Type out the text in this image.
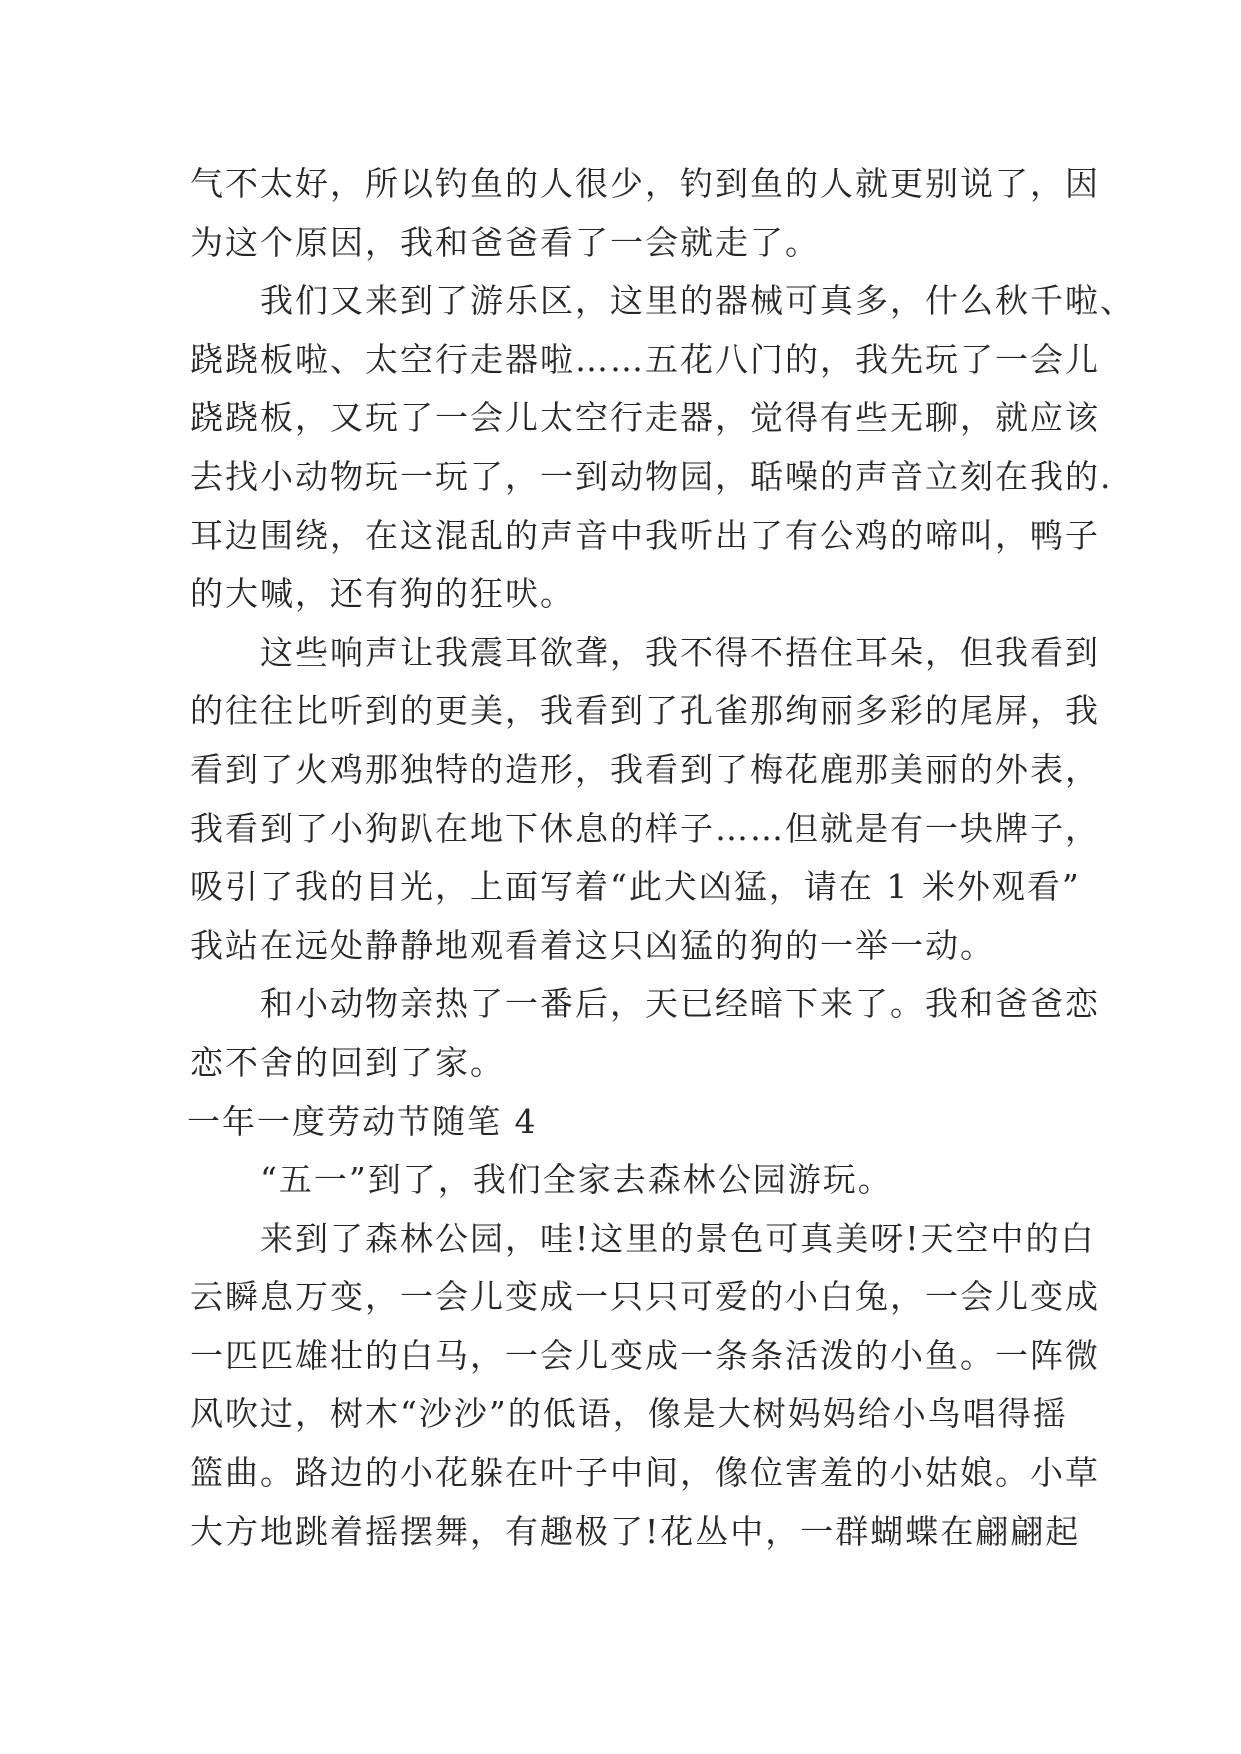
气不太好，所以钓鱼的人很少，钓到鱼的人就更别说了，因
为这个原因，我和爸爸看了一会就走了。
　　我们又来到了游乐区，这里的器械可真多，什么秋千啦、
跷跷板啦、太空行走器啦……五花八门的，我先玩了一会儿
跷跷板，又玩了一会儿太空行走器，觉得有些无聊，就应该
去找小动物玩一玩了，一到动物园，聒噪的声音立刻在我的.
耳边围绕，在这混乱的声音中我听出了有公鸡的啼叫，鸭子
的大喊，还有狗的狂吠。
　　这些响声让我震耳欲聋，我不得不捂住耳朵，但我看到
的往往比听到的更美，我看到了孔雀那绚丽多彩的尾屏，我
看到了火鸡那独特的造形，我看到了梅花鹿那美丽的外表，
我看到了小狗趴在地下休息的样子……但就是有一块牌子，
吸引了我的目光，上面写着“此犬凶猛，请在 1 米外观看”
我站在远处静静地观看着这只凶猛的狗的一举一动。
　　和小动物亲热了一番后，天已经暗下来了。我和爸爸恋
恋不舍的回到了家。
一年一度劳动节随笔 4
　　“五一”到了，我们全家去森林公园游玩。
　　来到了森林公园，哇!这里的景色可真美呀!天空中的白
云瞬息万变，一会儿变成一只只可爱的小白兔，一会儿变成
一匹匹雄壮的白马，一会儿变成一条条活泼的小鱼。一阵微
风吹过，树木“沙沙”的低语，像是大树妈妈给小鸟唱得摇
篮曲。路边的小花躲在叶子中间，像位害羞的小姑娘。小草
大方地跳着摇摆舞，有趣极了!花丛中，一群蝴蝶在翩翩起
